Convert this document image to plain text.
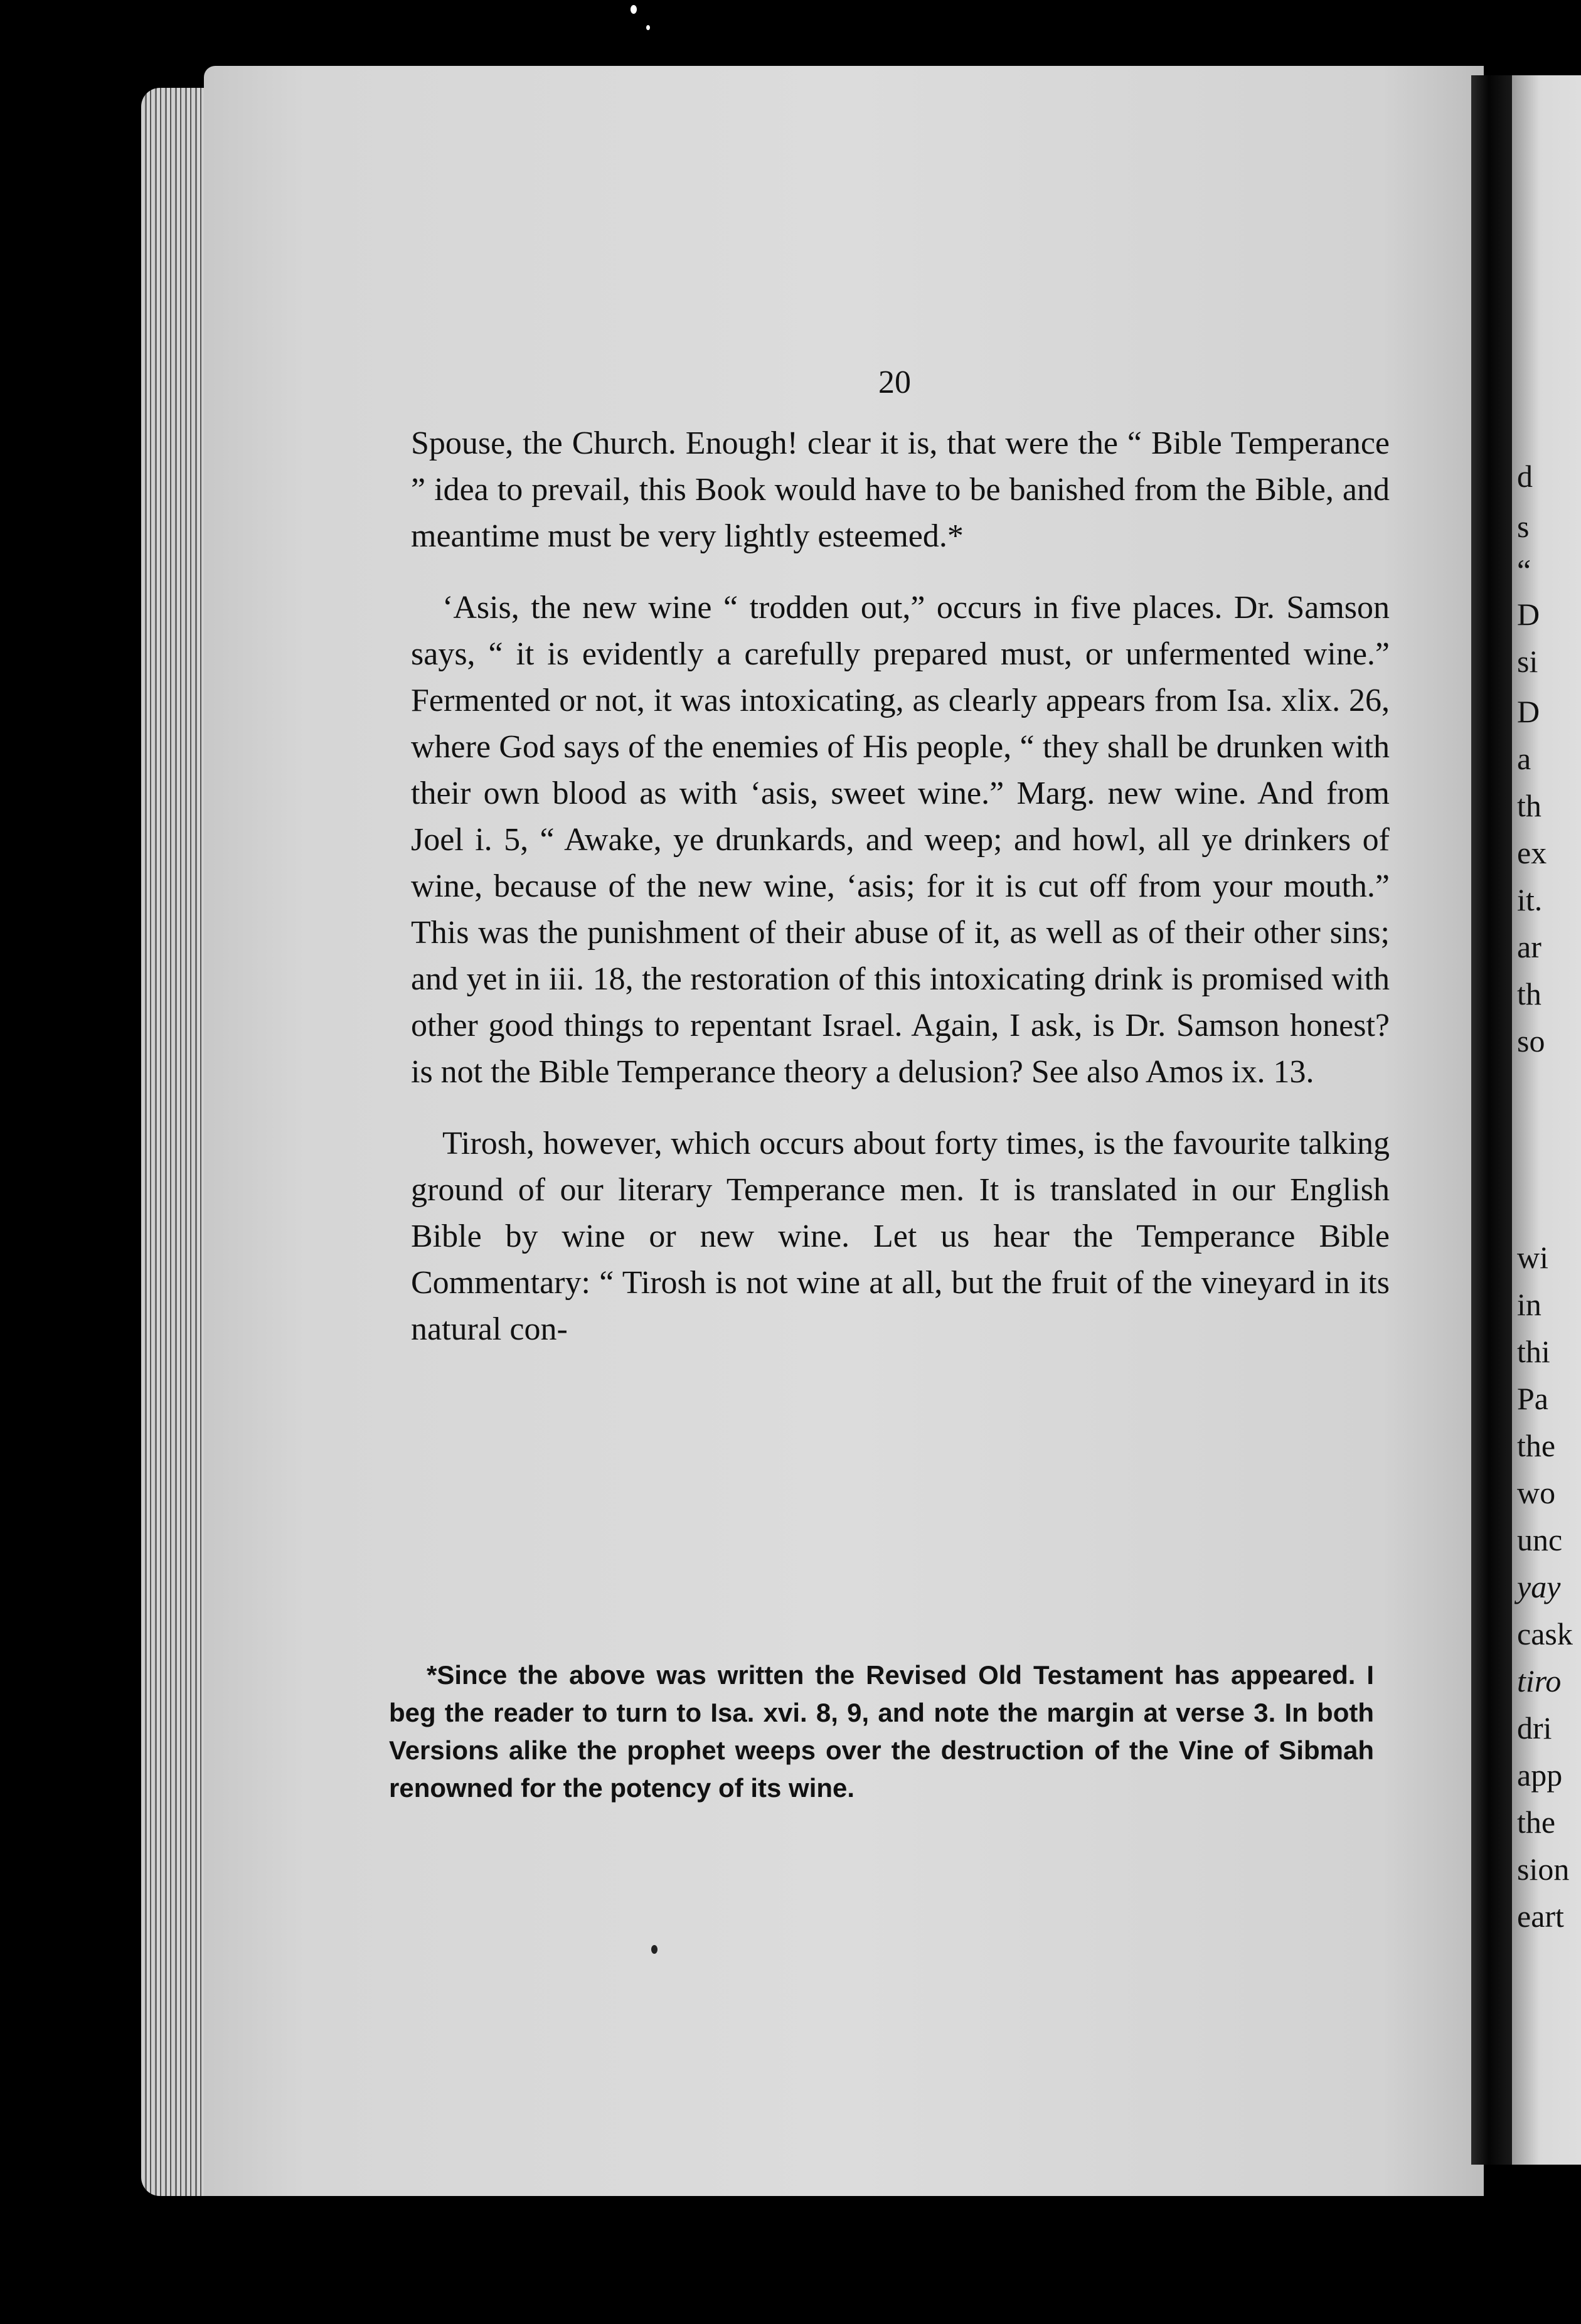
d
s
“
D
si
D
a
th
ex
it.
ar
th
so
wi
in
thi
Pa
the
wo
unc
yay
cask
tiro
dri
app
the
sion
eart
20

Spouse, the Church. Enough! clear it is, that were the “ Bible Temperance ” idea to prevail, this Book would have to be banished from the Bible, and meantime must be very lightly esteemed.*

‘Asis, the new wine “ trodden out,” occurs in five places. Dr. Samson says, “ it is evidently a carefully prepared must, or unfermented wine.” Fermented or not, it was intoxicating, as clearly appears from Isa. xlix. 26, where God says of the enemies of His people, “ they shall be drunken with their own blood as with ‘asis, sweet wine.” Marg. new wine. And from Joel i. 5, “ Awake, ye drunkards, and weep; and howl, all ye drinkers of wine, because of the new wine, ‘asis; for it is cut off from your mouth.” This was the punishment of their abuse of it, as well as of their other sins; and yet in iii. 18, the restoration of this intoxicating drink is promised with other good things to repentant Israel. Again, I ask, is Dr. Samson honest? is not the Bible Temperance theory a delusion? See also Amos ix. 13.

Tirosh, however, which occurs about forty times, is the favourite talking ground of our literary Temperance men. It is translated in our English Bible by wine or new wine. Let us hear the Temperance Bible Commentary: “ Tirosh is not wine at all, but the fruit of the vineyard in its natural con-

*Since the above was written the Revised Old Testament has appeared. I beg the reader to turn to Isa. xvi. 8, 9, and note the margin at verse 3. In both Versions alike the prophet weeps over the destruction of the Vine of Sibmah renowned for the potency of its wine.
